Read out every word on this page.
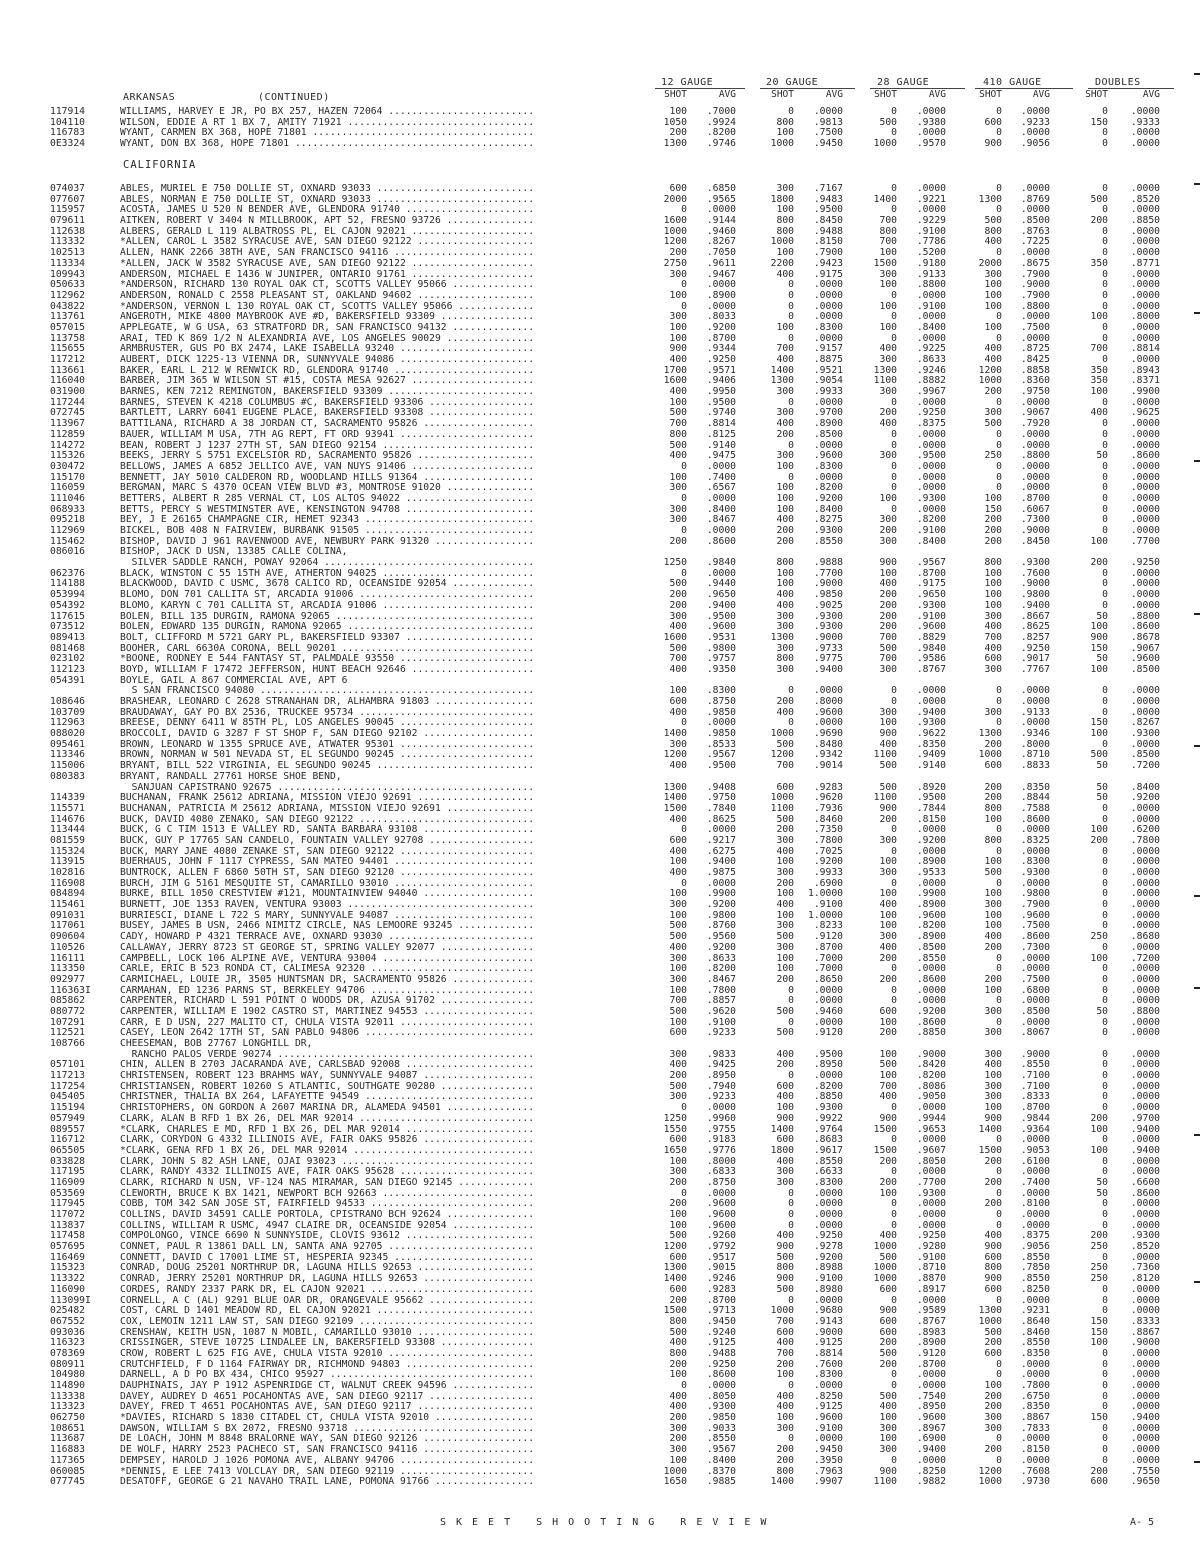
ARKANSAS	(CONTINUED)
12 GAUGE	20 GAUGE	28 GAUGE	410 GAUGE	DOUBLES
SHOT	AVG	SHOT	AVG	SHOT	AVG	SHOT	AVG	SHOT	AVG
117914	WILLIAMS, HARVEY E JR, PO BX 257, HAZEN 72064 .........................	100 .7000	0 .0000	0 .0000	0 .0000	0 .0000
104110	WILSON, EDDIE A RT 1 BX 7, AMITY 71921 ................................	1050 .9924	800 .9813	500 .9380	600 .9233	150 .9333
116783	WYANT, CARMEN BX 368, HOPE 71801 ......................................	200 .8200	100 .7500	0 .0000	0 .0000	0 .0000
0E3324	WYANT, DON BX 368, HOPE 71801 .........................................	1300 .9746	1000 .9450	1000 .9570	900 .9056	0 .0000
CALIFORNIA
074037	ABLES, MURIEL E 750 DOLLIE ST, OXNARD 93033 ...........................	600 .6850	300 .7167	0 .0000	0 .0000	0 .0000
077607	ABLES, NORMAN E 750 DOLLIE ST, OXNARD 93033 ...........................	2000 .9565	1800 .9483	1400 .9221	1300 .8769	500 .8520
115957	ACOSTA, JAMES U 520 N BENDER AVE, GLENDORA 91740 ......................	0 .0000	100 .9500	0 .0000	0 .0000	0 .0000
079611	AITKEN, ROBERT V 3404 N MILLBROOK, APT 52, FRESNO 93726 ...............	1600 .9144	800 .8450	700 .9229	500 .8500	200 .8850
112638	ALBERS, GERALD L 119 ALBATROSS PL, EL CAJON 92021 .....................	1000 .9460	800 .9488	800 .9100	800 .8763	0 .0000
113332	*ALLEN, CAROL L 3582 SYRACUSE AVE, SAN DIEGO 92122 ....................	1200 .8267	1000 .8150	700 .7786	400 .7225	0 .0000
102513	ALLEN, HANK 2266 38TH AVE, SAN FRANCISCO 94116 ........................	200 .7050	100 .7900	100 .5200	0 .0000	0 .0000
113334	*ALLEN, JACK W 3582 SYRACUSE AVE, SAN DIEGO 92122 .....................	2750 .9611	2200 .9423	1500 .9180	2000 .8675	350 .8771
109943	ANDERSON, MICHAEL E 1436 W JUNIPER, ONTARIO 91761 .....................	300 .9467	400 .9175	300 .9133	300 .7900	0 .0000
050633	*ANDERSON, RICHARD 130 ROYAL OAK CT, SCOTTS VALLEY 95066 ..............	0 .0000	0 .0000	100 .8800	100 .9000	0 .0000
112962	ANDERSON, RONALD C 2558 PLEASANT ST, OAKLAND 94602 ....................	100 .8900	0 .0000	0 .0000	100 .7900	0 .0000
043822	*ANDERSON, VERNON L 130 ROYAL OAK CT, SCOTTS VALLEY 95066 .............	0 .0000	0 .0000	100 .9100	100 .8800	0 .0000
113761	ANGEROTH, MIKE 4800 MAYBROOK AVE #D, BAKERSFIELD 93309 ................	300 .8033	0 .0000	0 .0000	0 .0000	100 .8000
057015	APPLEGATE, W G USA, 63 STRATFORD DR, SAN FRANCISCO 94132 ..............	100 .9200	100 .8300	100 .8400	100 .7500	0 .0000
113758	ARAI, TED K 869 1/2 N ALEXANDRIA AVE, LOS ANGELES 90029 ...............	100 .8700	0 .0000	0 .0000	0 .0000	0 .0000
115655	ARMBRUSTER, GUS PO BX 2474, LAKE ISABELLA 93240 .......................	900 .9344	700 .9157	400 .9225	400 .8725	700 .8814
117212	AUBERT, DICK 1225-13 VIENNA DR, SUNNYVALE 94086 .......................	400 .9250	400 .8875	300 .8633	400 .8425	0 .0000
113661	BAKER, EARL L 212 W RENWICK RD, GLENDORA 91740 ........................	1700 .9571	1400 .9521	1300 .9246	1200 .8858	350 .8943
116040	BARBER, JIM 365 W WILSON ST #15, COSTA MESA 92627 .....................	1600 .9406	1300 .9054	1100 .8882	1000 .8360	350 .8371
031900	BARNES, KEN 7212 REMINGTON, BAKERSFIELD 93309 .........................	400 .9950	300 .9933	300 .9967	200 .9750	100 .9900
117244	BARNES, STEVEN K 4218 COLUMBUS #C, BAKERSFIELD 93306 ..................	100 .9500	0 .0000	0 .0000	0 .0000	0 .0000
072745	BARTLETT, LARRY 6041 EUGENE PLACE, BAKERSFIELD 93308 ..................	500 .9740	300 .9700	200 .9250	300 .9067	400 .9625
113967	BATTILANA, RICHARD A 38 JORDAN CT, SACRAMENTO 95826 ...................	700 .8814	400 .8900	400 .8375	500 .7920	0 .0000
112859	BAUER, WILLIAM M USA, 7TH AG REPT, FT ORD 93941 .......................	800 .8125	200 .8500	0 .0000	0 .0000	0 .0000
114272	BEAN, ROBERT J 1237 27TH ST, SAN DIEGO 92154 ..........................	500 .9140	0 .0000	0 .0000	0 .0000	0 .0000
115326	BEEKS, JERRY S 5751 EXCELSIOR RD, SACRAMENTO 95826 ....................	400 .9475	300 .9600	300 .9500	250 .8800	50 .8600
030472	BELLOWS, JAMES A 6852 JELLICO AVE, VAN NUYS 91406 .....................	0 .0000	100 .8300	0 .0000	0 .0000	0 .0000
115170	BENNETT, JAY 5010 CALDERON RD, WOODLAND HILLS 91364 ...................	100 .7400	0 .0000	0 .0000	0 .0000	0 .0000
116059	BERGMAN, MARC S 4370 OCEAN VIEW BLVD #3, MONTROSE 91020 ...............	300 .6567	100 .8200	0 .0000	0 .0000	0 .0000
111046	BETTERS, ALBERT R 285 VERNAL CT, LOS ALTOS 94022 ......................	0 .0000	100 .9200	100 .9300	100 .8700	0 .0000
068933	BETTS, PERCY S WESTMINSTER AVE, KENSINGTON 94708 ......................	300 .8400	100 .8400	0 .0000	150 .6067	0 .0000
095218	BEY, J E 26165 CHAMPAGNE CIR, HEMET 92343 .............................	300 .8467	400 .8275	300 .8200	200 .7300	0 .0000
112969	BICKEL, BOB 408 N FAIRVIEW, BURBANK 91505 .............................	0 .0000	200 .9300	200 .9100	200 .9000	0 .0000
115462	BISHOP, DAVID J 961 RAVENWOOD AVE, NEWBURY PARK 91320 .................	200 .8600	200 .8550	300 .8400	200 .8450	100 .7700
086016	BISHOP, JACK D USN, 13385 CALLE COLINA,
SILVER SADDLE RANCH, POWAY 92064 ....................................	1250 .9840	800 .9888	900 .9567	800 .9300	200 .9250
062376	BLACK, WINSTON C 55 15TH AVE, ATHERTON 94025 ..........................	0 .0000	100 .7700	100 .8700	100 .7600	0 .0000
114188	BLACKWOOD, DAVID C USMC, 3678 CALICO RD, OCEANSIDE 92054 ..............	500 .9440	100 .9000	400 .9175	100 .9000	0 .0000
053994	BLOMO, DON 701 CALLITA ST, ARCADIA 91006 ..............................	200 .9650	400 .9850	200 .9650	100 .9800	0 .0000
054392	BLOMO, KARYN C 701 CALLITA ST, ARCADIA 91006 ..........................	200 .9400	400 .9025	200 .9300	100 .9400	0 .0000
117615	BOLEN, BILL 135 DURGIN, RAMONA 92065 ..................................	300 .9500	300 .9300	200 .9100	300 .8667	50 .8800
073512	BOLEN, EDWARD 135 DURGIN, RAMONA 92065 ................................	400 .9600	300 .9300	200 .9600	400 .8625	100 .8600
089413	BOLT, CLIFFORD M 5721 GARY PL, BAKERSFIELD 93307 ......................	1600 .9531	1300 .9000	700 .8829	700 .8257	900 .8678
081468	BOOHER, CARL 6630A CORONA, BELL 90201 .................................	500 .9800	300 .9733	500 .9840	400 .9250	150 .9067
023102	*BOONE, RODNEY E 544 FANTASY ST, PALMDALE 93550 .......................	700 .9757	800 .9775	700 .9586	600 .9017	50 .9600
112123	BOYD, WILLIAM F 17472 JEFFERSON, HUNT BEACH 92646 .....................	400 .9350	300 .9400	300 .8767	300 .7767	100 .8500
054391	BOYLE, GAIL A 867 COMMERCIAL AVE, APT 6
S SAN FRANCISCO 94080 ...............................................	100 .8300	0 .0000	0 .0000	0 .0000	0 .0000
108646	BRASHEAR, LEONARD C 2628 STRANAHAN DR, ALHAMBRA 91803 .................	600 .8750	200 .8000	0 .0000	0 .0000	0 .0000
103709	BRAUDAWAY, GAY PO BX 2536, TRUCKEE 95734 ..............................	400 .9850	400 .9600	300 .9400	300 .9133	0 .0000
112963	BREESE, DENNY 6411 W 85TH PL, LOS ANGELES 90045 .......................	0 .0000	0 .0000	100 .9300	0 .0000	150 .8267
088020	BROCCOLI, DAVID G 3287 F ST SHOP F, SAN DIEGO 92102 ...................	1400 .9850	1000 .9690	900 .9622	1300 .9346	100 .9300
095461	BROWN, LEONARD W 1355 SPRUCE AVE, ATWATER 95301 .......................	300 .8533	500 .8480	400 .8350	200 .8000	0 .0000
113346	BROWN, NORMAN W 501 NEVADA ST, EL SEGUNDO 90245 .......................	1200 .9567	1200 .9342	1100 .9409	1000 .8710	500 .8500
115006	BRYANT, BILL 522 VIRGINIA, EL SEGUNDO 90245 ...........................	400 .9500	700 .9014	500 .9140	600 .8833	50 .7200
080383	BRYANT, RANDALL 27761 HORSE SHOE BEND,
SANJUAN CAPISTRANO 92675 ............................................	1300 .9408	600 .9283	500 .8920	200 .8350	50 .8400
114339	BUCHANAN, FRANK 25612 ADRIANA, MISSION VIEJO 92691 ....................	1400 .9750	1000 .9620	1100 .9500	200 .8844	50 .9200
115571	BUCHANAN, PATRICIA M 25612 ADRIANA, MISSION VIEJO 92691 ...............	1500 .7840	1100 .7936	900 .7844	800 .7588	0 .0000
114676	BUCK, DAVID 4080 ZENAKO, SAN DIEGO 92122 ..............................	400 .8625	500 .8460	200 .8150	100 .8600	0 .0000
113444	BUCK, G C TIM 1513 E VALLEY RD, SANTA BARBARA 93108 ...................	0 .0000	200 .7350	0 .0000	0 .0000	100 .6200
081559	BUCK, GUY P 17765 SAN CANDELO, FOUNTAIN VALLEY 92708 ..................	600 .9217	300 .7800	300 .9200	800 .8325	200 .7800
115324	BUCK, MARY JANE 4080 ZENAKE ST, SAN DIEGO 92122 .......................	400 .6275	400 .7025	0 .0000	0 .0000	0 .0000
113915	BUERHAUS, JOHN F 1117 CYPRESS, SAN MATEO 94401 ........................	100 .9400	100 .9200	100 .8900	100 .8300	0 .0000
102816	BUNTROCK, ALLEN F 6860 50TH ST, SAN DIEGO 92120 .......................	400 .9875	300 .9933	300 .9533	500 .9300	0 .0000
116908	BURCH, JIM G 5161 MESQUITE ST, CAMARILLO 93010 ........................	0 .0000	200 .6900	0 .0000	0 .0000	0 .0000
084894	BURKE, BILL 1050 CRESTVIEW #121, MOUNTAINVIEW 94040 ...................	100 .9900	100 1.0000	100 .9900	100 .9800	0 .0000
115461	BURNETT, JOE 1353 RAVEN, VENTURA 93003 ................................	300 .9200	400 .9100	400 .8900	300 .7900	0 .0000
091031	BURRIESCI, DIANE L 722 S MARY, SUNNYVALE 94087 ........................	100 .9800	100 1.0000	100 .9600	100 .9600	0 .0000
117061	BUSEY, JAMES B USN, 2466 NIMITZ CIRCLE, NAS LEMOORE 93245 .............	500 .8760	300 .8233	100 .8200	100 .7500	0 .0000
090604	CADY, HOWARD P 4321 TERRACE AVE, OXNARD 93030 .........................	500 .9560	500 .9120	300 .8900	400 .8600	250 .8680
110526	CALLAWAY, JERRY 8723 ST GEORGE ST, SPRING VALLEY 92077 ................	400 .9200	300 .8700	400 .8500	200 .7300	0 .0000
116111	CAMPBELL, LOCK 106 ALPINE AVE, VENTURA 93004 ..........................	300 .8633	100 .7000	200 .8550	0 .0000	100 .7200
113350	CARLE, ERIC B 523 RONDA CT, CALIMESA 92320 ............................	100 .8200	100 .7000	0 .0000	0 .0000	0 .0000
092977	CARMICHAEL, LOUIE JR, 3505 HUNTSMAN DR, SACRAMENTO 95826 ..............	300 .8467	200 .8650	200 .8600	200 .7500	0 .0000
116363I	CARMAHAN, ED 1236 PARNS ST, BERKELEY 94706 ............................	100 .7800	0 .0000	0 .0000	100 .6800	0 .0000
085862	CARPENTER, RICHARD L 591 POINT O WOODS DR, AZUSA 91702 ................	700 .8857	0 .0000	0 .0000	0 .0000	0 .0000
080772	CARPENTER, WILLIAM E 1902 CASTRO ST, MARTINEZ 94553 ...................	500 .9620	500 .9460	600 .9200	300 .8500	50 .8800
107291	CARR, E D USN, 227 MALITO CT, CHULA VISTA 92011 .......................	100 .9100	0 .0000	100 .8600	0 .0000	0 .0000
112521	CASEY, LEON 2642 17TH ST, SAN PABLO 94806 .............................	600 .9233	500 .9120	200 .8850	300 .8067	0 .0000
108766	CHEESEMAN, BOB 27767 LONGHILL DR,
RANCHO PALOS VERDE 90274 ............................................	300 .9833	400 .9500	100 .9000	300 .9000	0 .0000
057101	CHIN, ALLEN B 2703 JACARANDA AVE, CARLSBAD 92008 ......................	400 .9425	200 .8950	500 .8420	400 .8550	0 .0000
117213	CHRISTENSEN, ROBERT 123 BRAHMS WAY, SUNNYVALE 94087 ...................	200 .8950	0 .0000	100 .8200	100 .7100	0 .0000
117254	CHRISTIANSEN, ROBERT 10260 S ATLANTIC, SOUTHGATE 90280 ................	500 .7940	600 .8200	700 .8086	300 .7100	0 .0000
045405	CHRISTNER, THALIA BX 264, LAFAYETTE 94549 .............................	300 .9233	400 .8850	400 .9050	300 .8333	0 .0000
115194	CHRISTOPHERS, ON GORDON A 2607 MARINA DR, ALAMEDA 94501 ...............	0 .0000	100 .9300	0 .0000	100 .8700	0 .0000
057949	CLARK, ALAN B RFD 1 BX 26, DEL MAR 92014 ..............................	1250 .9960	900 .9922	900 .9944	900 .9844	200 .9700
089557	*CLARK, CHARLES E MD, RFD 1 BX 26, DEL MAR 92014 ......................	1550 .9755	1400 .9764	1500 .9653	1400 .9364	100 .9400
116712	CLARK, CORYDON G 4332 ILLINOIS AVE, FAIR OAKS 95826 ...................	600 .9183	600 .8683	0 .0000	0 .0000	0 .0000
065505	*CLARK, GENA RFD 1 BX 26, DEL MAR 92014 ...............................	1650 .9776	1800 .9617	1500 .9607	1500 .9053	100 .9400
033828	CLARK, JOHN S 82 ASH LANE, OJAI 93023 .................................	100 .8000	400 .8550	200 .8050	200 .6100	0 .0000
117195	CLARK, RANDY 4332 ILLINOIS AVE, FAIR OAKS 95628 .......................	300 .6833	300 .6633	0 .0000	0 .0000	0 .0000
116909	CLARK, RICHARD N USN, VF-124 NAS MIRAMAR, SAN DIEGO 92145 .............	200 .8750	300 .8300	200 .7700	200 .7400	50 .6600
053569	CLEWORTH, BRUCE K BX 1421, NEWPORT BCH 92663 ..........................	0 .0000	0 .0000	100 .9300	0 .0000	50 .8600
117945	COBB, TOM 342 SAN JOSE ST, FAIRFIELD 94533 ............................	200 .9600	0 .0000	0 .0000	200 .8100	0 .0000
117072	COLLINS, DAVID 34591 CALLE PORTOLA, CPISTRANO BCH 92624 ...............	100 .9600	0 .0000	0 .0000	0 .0000	0 .0000
113837	COLLINS, WILLIAM R USMC, 4947 CLAIRE DR, OCEANSIDE 92054 ..............	100 .9600	0 .0000	0 .0000	0 .0000	0 .0000
117458	COMPOLONGO, VINCE 6690 N SUNNYSIDE, CLOVIS 93612 ......................	500 .9260	400 .9250	400 .9250	400 .8375	200 .9300
057695	CONNET, PAUL R 13861 DALL LN, SANTA ANA 92705 .........................	1200 .9792	900 .9278	1000 .9280	900 .9056	250 .8520
116469	CONNETT, DAVID C 17001 LIME ST, HESPERIA 92345 ........................	600 .9517	500 .9200	500 .9100	600 .8550	0 .0000
115323	CONRAD, DOUG 25201 NORTHRUP DR, LAGUNA HILLS 92653 ....................	1300 .9015	800 .8988	1000 .8710	800 .7850	250 .7360
113322	CONRAD, JERRY 25201 NORTHRUP DR, LAGUNA HILLS 92653 ...................	1400 .9246	900 .9100	1000 .8870	900 .8550	250 .8120
116090	CORDES, RANDY 2337 PARK DR, EL CAJON 92021 ............................	600 .9283	500 .8980	600 .8917	600 .8250	0 .0000
113099I	CORNELL, A C (AL) 9291 BLUE OAR DR, ORANGEVALE 95662 ..................	200 .8700	0 .0000	0 .0000	0 .0000	0 .0000
025482	COST, CARL D 1401 MEADOW RD, EL CAJON 92021 ...........................	1500 .9713	1000 .9680	900 .9589	1300 .9231	0 .0000
067552	COX, LEMOIN 1211 LAW ST, SAN DIEGO 92109 ..............................	800 .9450	700 .9143	600 .8767	1000 .8640	150 .8333
093036	CRENSHAW, KEITH USN, 1087 N MOBIL, CAMARILLO 93010 ....................	500 .9240	600 .9000	600 .8983	500 .8460	150 .8867
116323	CRISSINGER, STEVE 10725 LINDALEE LN, BAKERSFIELD 93308 ................	400 .9125	400 .9125	200 .8900	200 .8550	100 .9000
078369	CROW, ROBERT L 625 FIG AVE, CHULA VISTA 92010 .........................	800 .9488	700 .8814	500 .9120	600 .8350	0 .0000
080911	CRUTCHFIELD, F D 1164 FAIRWAY DR, RICHMOND 94803 ......................	200 .9250	200 .7600	200 .8700	0 .0000	0 .0000
104980	DARNELL, A D PO BX 434, CHICO 95927 ...................................	100 .8600	100 .8300	0 .0000	0 .0000	0 .0000
114890	DAUPHINAIS, JAY P 1912 ASPENRIDGE CT, WALNUT CREEK 94596 ..............	0 .0000	0 .0000	0 .0000	100 .7800	0 .0000
113338	DAVEY, AUDREY D 4651 POCAHONTAS AVE, SAN DIEGO 92117 ..................	400 .8050	400 .8250	500 .7540	200 .6750	0 .0000
113323	DAVEY, FRED T 4651 POCAHONTAS AVE, SAN DIEGO 92117 ....................	400 .9300	400 .9125	400 .8950	200 .8350	0 .0000
062750	*DAVIES, RICHARD S 1830 CITADEL CT, CHULA VISTA 92010 .................	200 .9850	100 .9600	100 .9600	300 .8867	150 .9400
108651	DAWSON, WILLIAM S BX 2072, FRESNO 93718 ...............................	300 .9033	300 .9100	300 .8967	300 .7833	0 .0000
113687	DE LOACH, JOHN M 8848 BRALORNE WAY, SAN DIEGO 92126 ...................	200 .8550	0 .0000	100 .6900	0 .0000	0 .0000
116883	DE WOLF, HARRY 2523 PACHECO ST, SAN FRANCISCO 94116 ...................	300 .9567	200 .9450	300 .9400	200 .8150	0 .0000
117365	DEMPSEY, HAROLD J 1026 POMONA AVE, ALBANY 94706 .......................	100 .8400	200 .3950	0 .0000	0 .0000	0 .0000
060085	*DENNIS, E LEE 7413 VOLCLAY DR, SAN DIEGO 92119 .......................	1000 .8370	800 .7963	900 .8250	1200 .7608	200 .7550
077745	DESATOFF, GEORGE G 21 NAVAHO TRAIL LANE, POMONA 91766 .................	1650 .9885	1400 .9907	1100 .9882	1000 .9730	600 .9650
SKEET SHOOTING REVIEW	A- 5
